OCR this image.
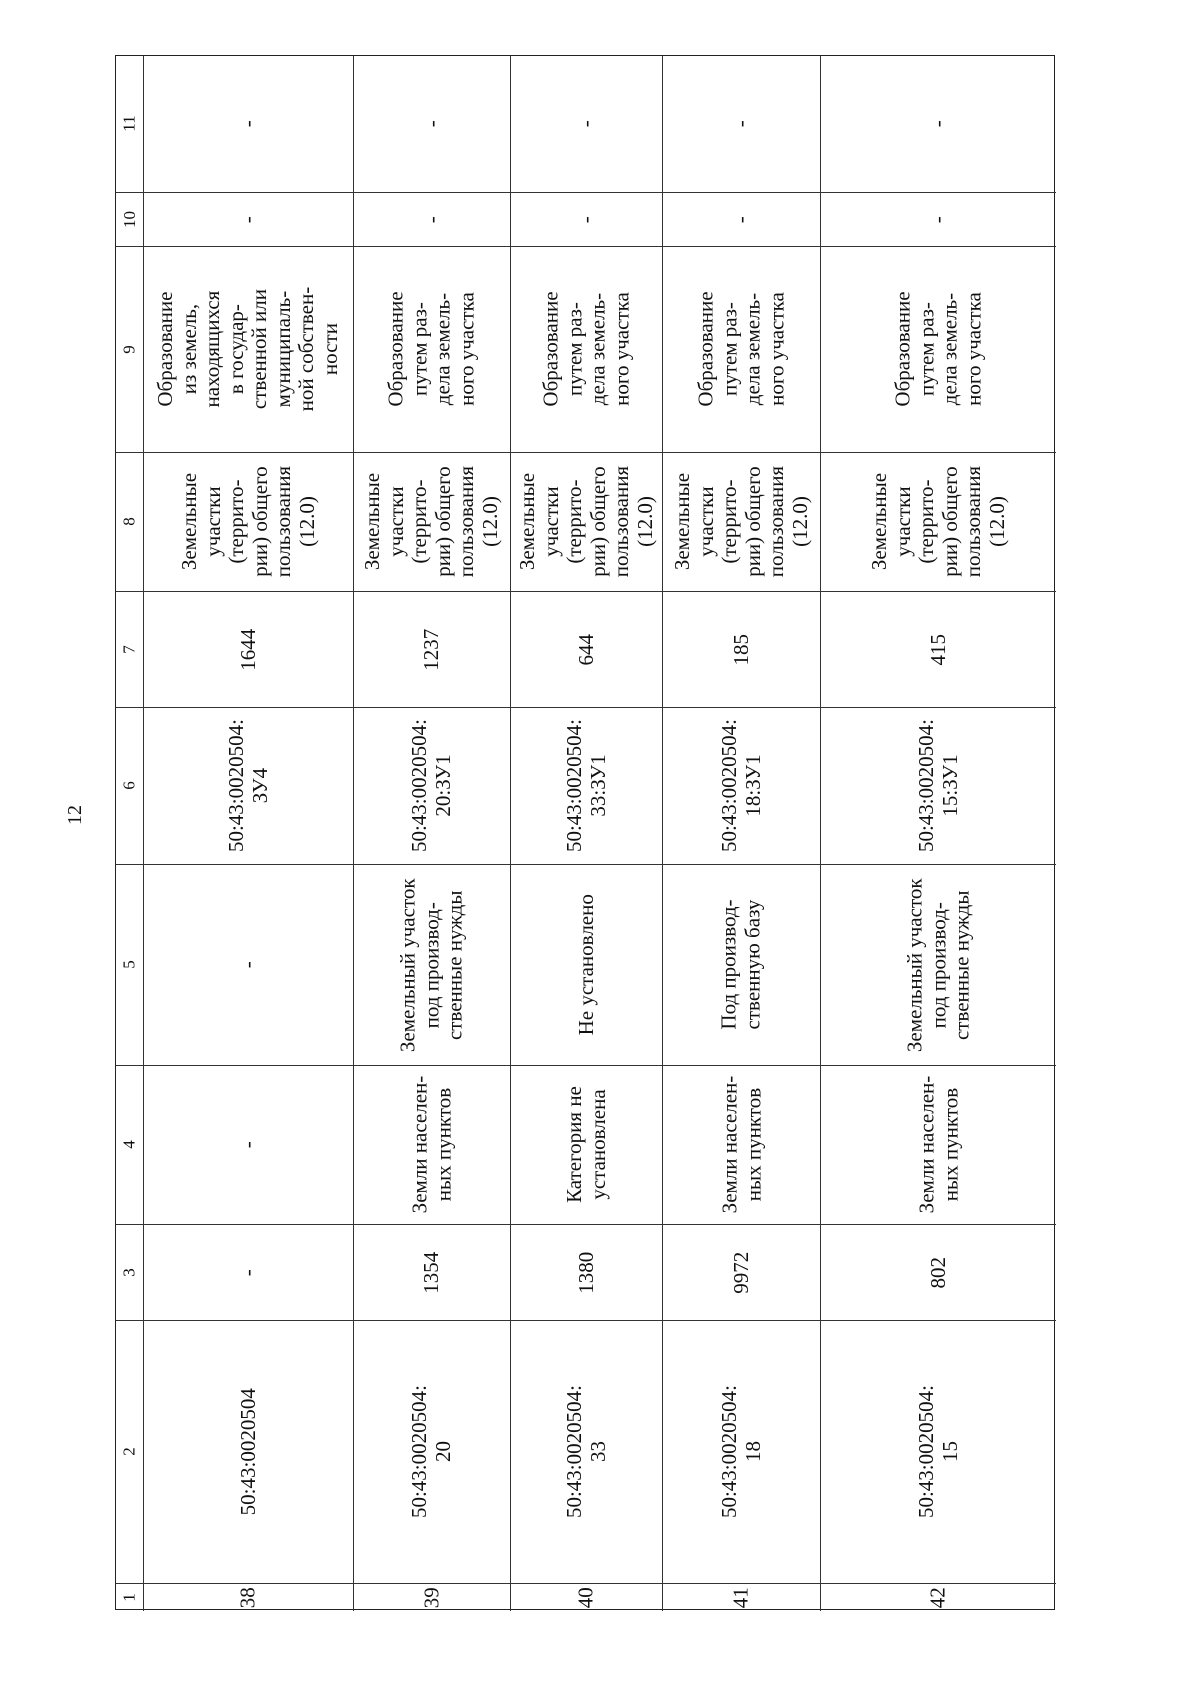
12
1
2
3
4
5
6
7
8
9
10
11
38
50:43:0020504
-
-
-
50:43:0020504:
ЗУ4
1644
Земельные
участки
(террито-
рии) общего
пользования
(12.0)
Образование
из земель,
находящихся
в государ-
ственной или
муниципаль-
ной собствен-
ности
-
-
39
50:43:0020504:
20
1354
Земли населен-
ных пунктов
Земельный участок
под производ-
ственные нужды
50:43:0020504:
20:ЗУ1
1237
Земельные
участки
(террито-
рии) общего
пользования
(12.0)
Образование
путем раз-
дела земель-
ного участка
-
-
40
50:43:0020504:
33
1380
Категория не
установлена
Не установлено
50:43:0020504:
33:ЗУ1
644
Земельные
участки
(террито-
рии) общего
пользования
(12.0)
Образование
путем раз-
дела земель-
ного участка
-
-
41
50:43:0020504:
18
9972
Земли населен-
ных пунктов
Под производ-
ственную базу
50:43:0020504:
18:ЗУ1
185
Земельные
участки
(террито-
рии) общего
пользования
(12.0)
Образование
путем раз-
дела земель-
ного участка
-
-
42
50:43:0020504:
15
802
Земли населен-
ных пунктов
Земельный участок
под производ-
ственные нужды
50:43:0020504:
15:ЗУ1
415
Земельные
участки
(террито-
рии) общего
пользования
(12.0)
Образование
путем раз-
дела земель-
ного участка
-
-
